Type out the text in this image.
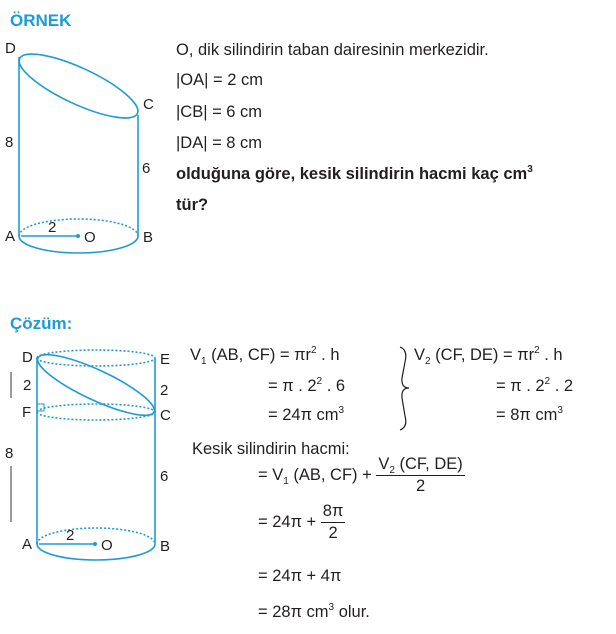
ÖRNEK
D
C
8
6
A
2
O	B
O, dik silindirin taban dairesinin merkezidir.
|OA| = 2 cm
|CB| = 6 cm
|DA| = 8 cm
olduğuna göre, kesik silindirin hacmi kaç $cm^3$
tür?
Çözüm:
D	E
2	2
F	C
8
6
A
2
O	B
$V_1$ (AB, $CF) = \pi r^2$ . h
= π . $2^2$ . 6
= 24π $cm^3$
$V_2$ (CF, $DE) = \pi r^2$ . h
= π . $2^2$ . 2
= 8π $cm^3$
Kesik silindirin hacmi:
= $V_1$ (AB, $CF) + \frac{V_2 (CF, DE)}{2}$
= $24\pi + \frac{8\pi}{2}$
= 24π + 4π
= 28π $cm^3$ olur.
